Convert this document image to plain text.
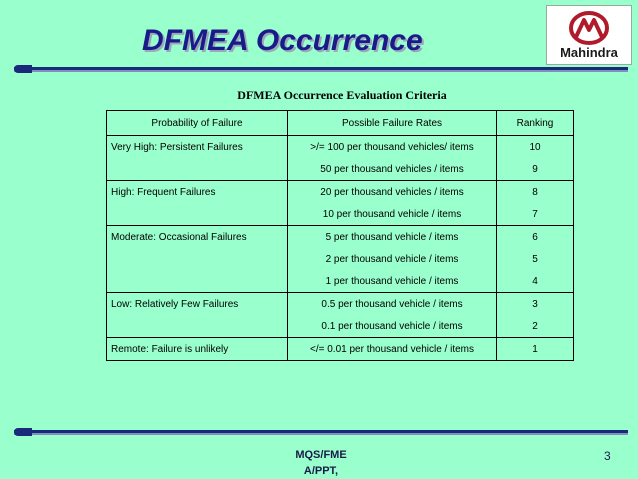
DFMEA Occurrence	Mahindra
DFMEA Occurrence Evaluation Criteria
Probability of Failure	Possible Failure Rates	Ranking
Very High: Persistent Failures	>/= 100 per thousand vehicles/ items	10
	50 per thousand vehicles / items	9
High: Frequent Failures	20 per thousand vehicles / items	8
	10 per thousand vehicle / items	7
Moderate: Occasional Failures	5 per thousand vehicle / items	6
	2 per thousand vehicle / items	5
	1 per thousand vehicle / items	4
Low: Relatively Few Failures	0.5 per thousand vehicle / items	3
	0.1 per thousand vehicle / items	2
Remote: Failure is unlikely	</= 0.01 per thousand vehicle / items	1
MQS/FME
A/PPT,
3
